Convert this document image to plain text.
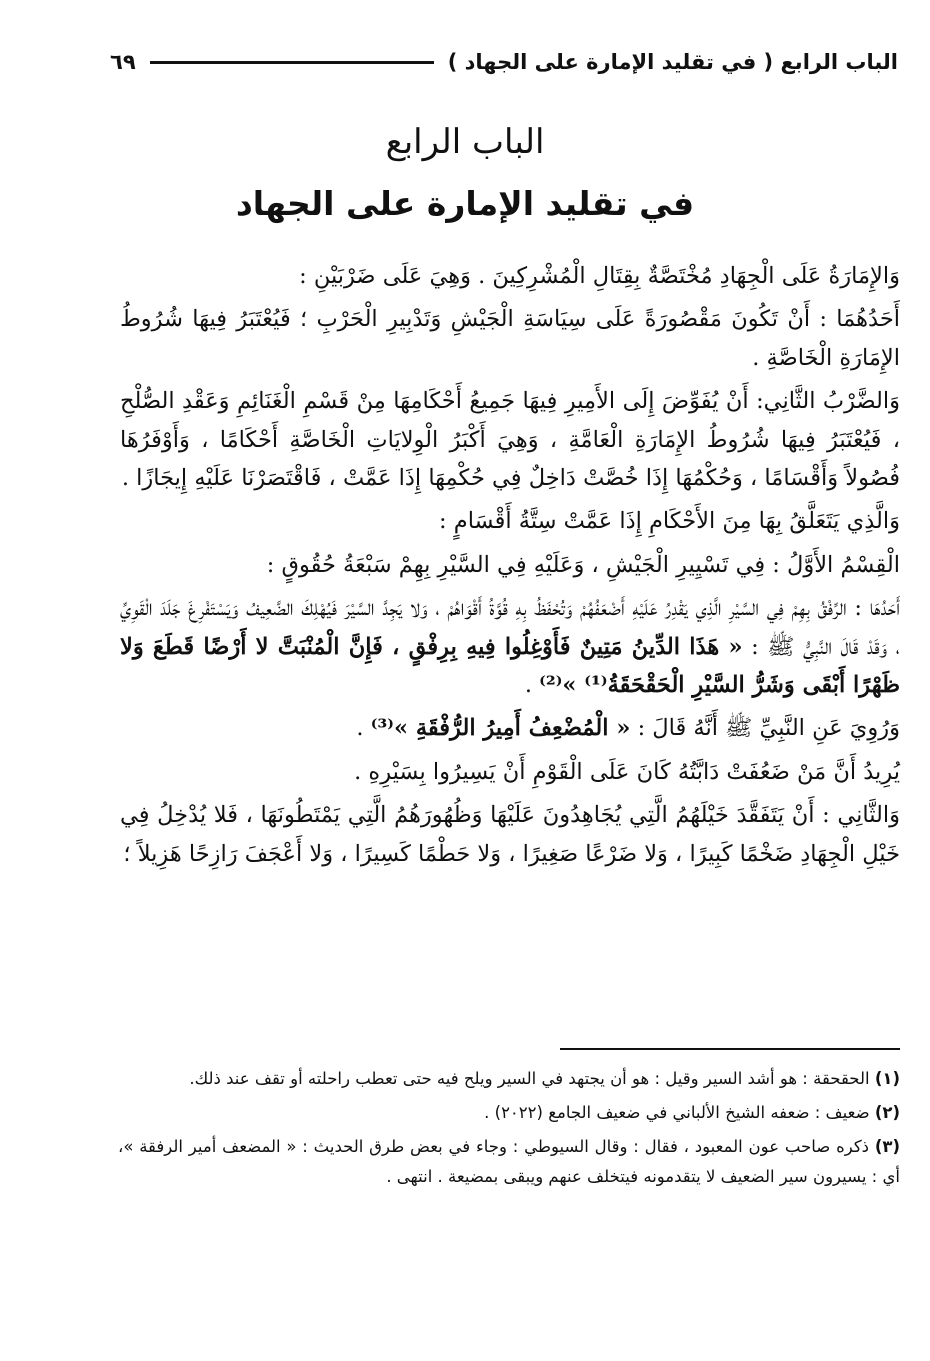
الباب الرابع ( في تقليد الإمارة على الجهاد )
٦٩
الباب الرابع
في تقليد الإمارة على الجهاد

وَالإِمَارَةُ عَلَى الْجِهَادِ مُخْتَصَّةٌ بِقِتَالِ الْمُشْرِكِينَ . وَهِيَ عَلَى ضَرْبَيْنِ :

أَحَدُهُمَا : أَنْ تَكُونَ مَقْصُورَةً عَلَى سِيَاسَةِ الْجَيْشِ وَتَدْبِيرِ الْحَرْبِ ؛ فَيُعْتَبَرُ فِيهَا شُرُوطُ الإِمَارَةِ الْخَاصَّةِ .

وَالضَّرْبُ الثَّانِي: أَنْ يُفَوِّضَ إِلَى الأَمِيرِ فِيهَا جَمِيعُ أَحْكَامِهَا مِنْ قَسْمِ الْغَنَائِمِ وَعَقْدِ الصُّلْحِ ، فَيُعْتَبَرُ فِيهَا شُرُوطُ الإِمَارَةِ الْعَامَّةِ ، وَهِيَ أَكْبَرُ الْوِلايَاتِ الْخَاصَّةِ أَحْكَامًا ، وَأَوْفَرُهَا فُصُولاً وَأَقْسَامًا ، وَحُكْمُهَا إِذَا خُصَّتْ دَاخِلٌ فِي حُكْمِهَا إِذَا عَمَّتْ ، فَاقْتَصَرْنَا عَلَيْهِ إِيجَازًا .

وَالَّذِي يَتَعَلَّقُ بِهَا مِنَ الأَحْكَامِ إِذَا عَمَّتْ سِتَّةُ أَقْسَامٍ :

الْقِسْمُ الأَوَّلُ : فِي تَسْيِيرِ الْجَيْشِ ، وَعَلَيْهِ فِي السَّيْرِ بِهِمْ سَبْعَةُ حُقُوقٍ :

أَحَدُهَا : الرِّفْقُ بِهِمْ فِي السَّيْرِ الَّذِي يَقْدِرُ عَلَيْهِ أَضْعَفُهُمْ وَتُحْفَظُ بِهِ قُوَّةُ أَقْوَاهُمْ ، وَلا يَجِدَّ السَّيْرَ فَيُهْلِكَ الضَّعِيفُ وَيَسْتَفْرِغَ جَلَدَ الْقَوِيِّ ، وَقَدْ قَالَ النَّبِيُّ ﷺ : « هَذَا الدِّينُ مَتِينٌ فَأَوْغِلُوا فِيهِ بِرِفْقٍ ، فَإِنَّ الْمُنْبَتَّ لا أَرْضًا قَطَعَ وَلا ظَهْرًا أَبْقَى وَشَرُّ السَّيْرِ الْحَقْحَقَةُ⁽¹⁾ »⁽²⁾ .

وَرُوِيَ عَنِ النَّبِيِّ ﷺ أَنَّهُ قَالَ : « الْمُضْعِفُ أَمِيرُ الرُّفْقَةِ »⁽³⁾ .

يُرِيدُ أَنَّ مَنْ ضَعُفَتْ دَابَّتُهُ كَانَ عَلَى الْقَوْمِ أَنْ يَسِيرُوا بِسَيْرِهِ .

وَالثَّانِي : أَنْ يَتَفَقَّدَ خَيْلَهُمُ الَّتِي يُجَاهِدُونَ عَلَيْهَا وَظُهُورَهُمُ الَّتِي يَمْتَطُونَهَا ، فَلا يُدْخِلُ فِي خَيْلِ الْجِهَادِ ضَخْمًا كَبِيرًا ، وَلا ضَرْعًا صَغِيرًا ، وَلا حَطْمًا كَسِيرًا ، وَلا أَعْجَفَ رَازِحًا هَزِيلاً ؛

(١) الحقحقة : هو أشد السير وقيل : هو أن يجتهد في السير ويلح فيه حتى تعطب راحلته أو تقف عند ذلك.

(٢) ضعيف : ضعفه الشيخ الألباني في ضعيف الجامع (٢٠٢٢) .

(٣) ذكره صاحب عون المعبود ، فقال : وقال السيوطي : وجاء في بعض طرق الحديث : « المضعف أمير الرفقة »، أي : يسيرون سير الضعيف لا يتقدمونه فيتخلف عنهم ويبقى بمضيعة . انتهى .
